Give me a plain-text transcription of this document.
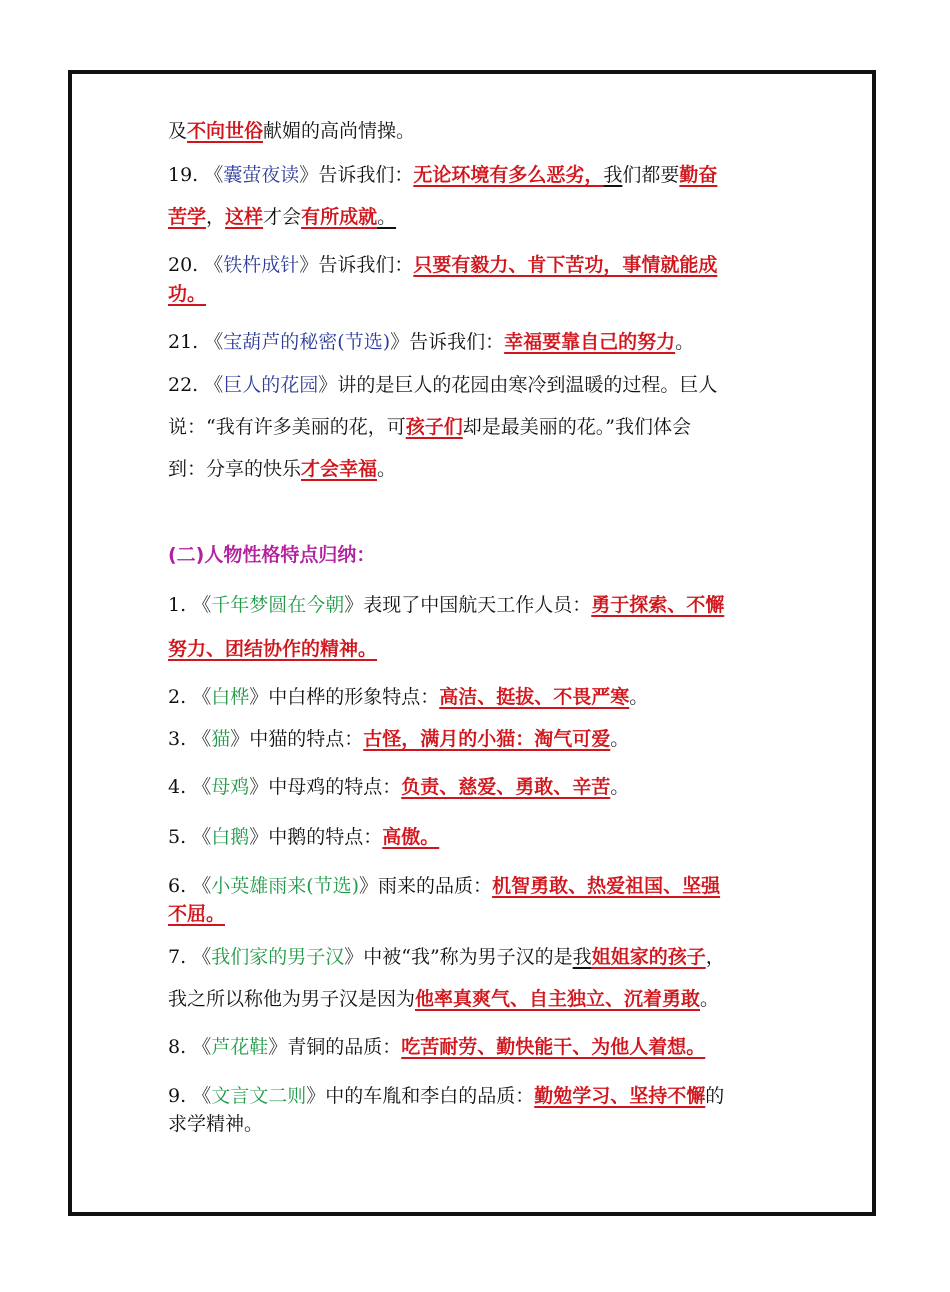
及不向世俗献媚的高尚情操。
19. 《囊萤夜读》告诉我们：无论环境有多么恶劣，我们都要勤奋
苦学，这样才会有所成就。
20. 《铁杵成针》告诉我们：只要有毅力、肯下苦功，事情就能成
功。
21. 《宝葫芦的秘密(节选)》告诉我们：幸福要靠自己的努力。
22. 《巨人的花园》讲的是巨人的花园由寒冷到温暖的过程。巨人
说：“我有许多美丽的花，可孩子们却是最美丽的花。”我们体会
到：分享的快乐才会幸福。
(二)人物性格特点归纳：
1. 《千年梦圆在今朝》表现了中国航天工作人员：勇于探索、不懈
努力、团结协作的精神。
2. 《白桦》中白桦的形象特点：高洁、挺拔、不畏严寒。
3. 《猫》中猫的特点：古怪，满月的小猫：淘气可爱。
4. 《母鸡》中母鸡的特点：负责、慈爱、勇敢、辛苦。
5. 《白鹅》中鹅的特点：高傲。
6. 《小英雄雨来(节选)》雨来的品质：机智勇敢、热爱祖国、坚强
不屈。
7. 《我们家的男子汉》中被“我”称为男子汉的是我姐姐家的孩子，
我之所以称他为男子汉是因为他率真爽气、自主独立、沉着勇敢。
8. 《芦花鞋》青铜的品质：吃苦耐劳、勤快能干、为他人着想。
9. 《文言文二则》中的车胤和李白的品质：勤勉学习、坚持不懈的
求学精神。
